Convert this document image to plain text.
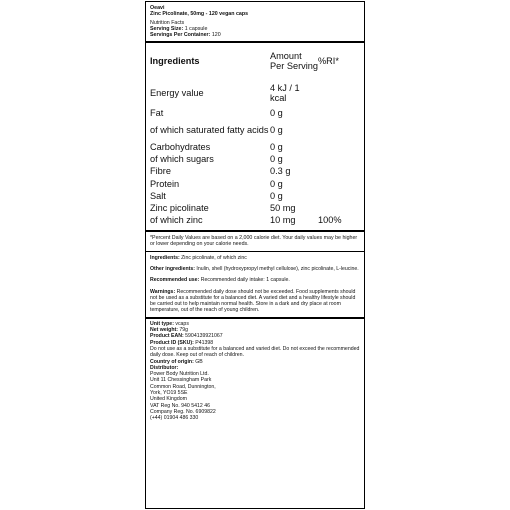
Oeavi
Zinc Picolinate, 50mg - 120 vegan caps
Nutrition Facts
Serving Size: 1 capsule
Servings Per Container: 120
Ingredients	Amount Per Serving	%RI*
Energy value	4 kJ / 1 kcal	
Fat	0 g	
of which saturated fatty acids	0 g	
Carbohydrates	0 g	
of which sugars	0 g	
Fibre	0.3 g	
Protein	0 g	
Salt	0 g	
Zinc picolinate	50 mg	
of which zinc	10 mg	100%
*Percent Daily Values are based on a 2,000 calorie diet. Your daily values may be higher or lower depending on your calorie needs.
Ingredients: Zinc picolinate, of which zinc
Other ingredients: Inulin, shell (hydroxypropyl methyl cellulose), zinc picolinate, L-leucine.
Recommended use: Recommended daily intake: 1 capsule.
Warnings: Recommended daily dose should not be exceeded. Food supplements should not be used as a substitute for a balanced diet. A varied diet and a healthy lifestyle should be carried out to help maintain normal health. Store in a dark and dry place at room temperature, out of the reach of young children.
Unit type: vcaps
Net weight: 79g
Product EAN: 5904139921067
Product ID (SKU): P41398
Do not use as a substitute for a balanced and varied diet. Do not exceed the recommended daily dose. Keep out of reach of children.
Country of origin: GB
Distributor:
Power Body Nutrition Ltd.
Unit 11 Chessingham Park
Common Road, Dunnington,
York, YO19 5SE
United Kingdom
VAT Reg No. 940 5412 46
Company Reg. No. 6909822
(+44) 01904 486 330
